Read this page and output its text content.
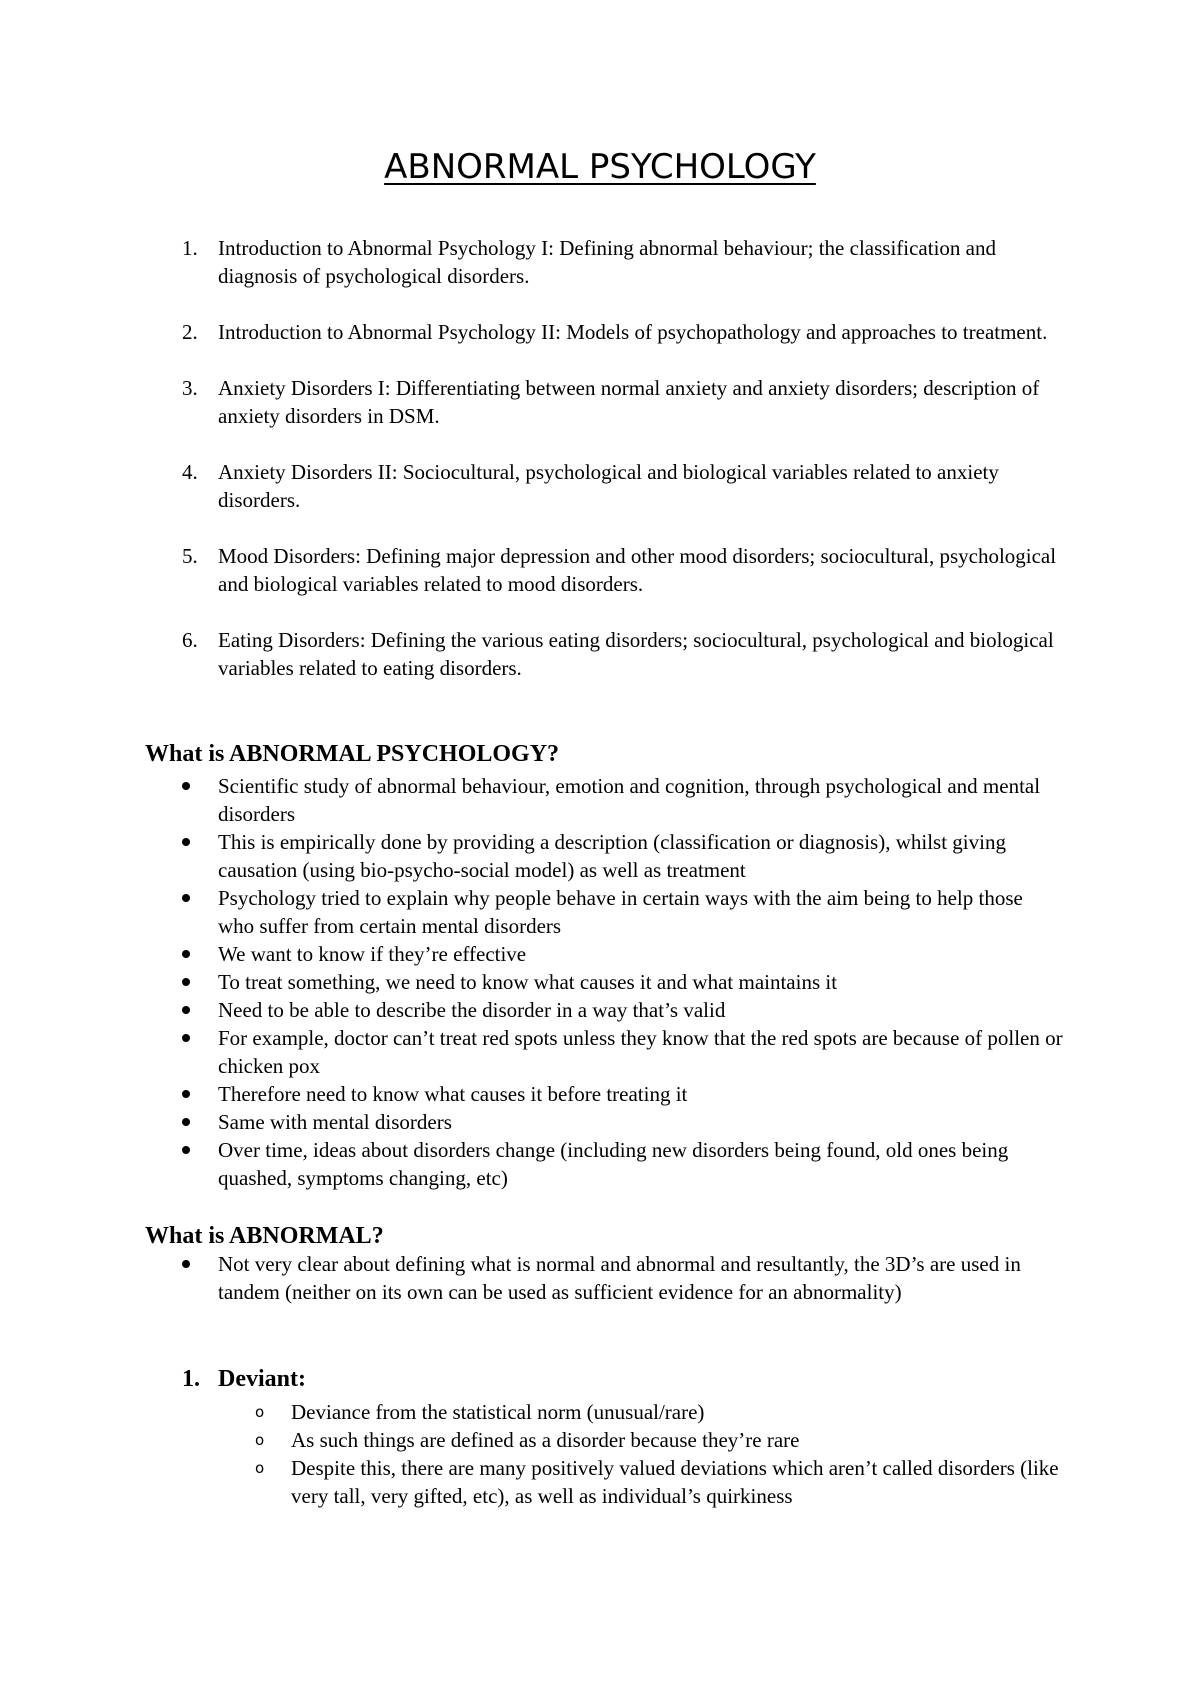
ABNORMAL PSYCHOLOGY
1. Introduction to Abnormal Psychology I: Defining abnormal behaviour; the classification and diagnosis of psychological disorders.
2. Introduction to Abnormal Psychology II: Models of psychopathology and approaches to treatment.
3. Anxiety Disorders I: Differentiating between normal anxiety and anxiety disorders; description of anxiety disorders in DSM.
4. Anxiety Disorders II: Sociocultural, psychological and biological variables related to anxiety disorders.
5. Mood Disorders: Defining major depression and other mood disorders; sociocultural, psychological and biological variables related to mood disorders.
6. Eating Disorders: Defining the various eating disorders; sociocultural, psychological and biological variables related to eating disorders.
What is ABNORMAL PSYCHOLOGY?
Scientific study of abnormal behaviour, emotion and cognition, through psychological and mental disorders
This is empirically done by providing a description (classification or diagnosis), whilst giving causation (using bio-psycho-social model) as well as treatment
Psychology tried to explain why people behave in certain ways with the aim being to help those who suffer from certain mental disorders
We want to know if they’re effective
To treat something, we need to know what causes it and what maintains it
Need to be able to describe the disorder in a way that’s valid
For example, doctor can’t treat red spots unless they know that the red spots are because of pollen or chicken pox
Therefore need to know what causes it before treating it
Same with mental disorders
Over time, ideas about disorders change (including new disorders being found, old ones being quashed, symptoms changing, etc)
What is ABNORMAL?
Not very clear about defining what is normal and abnormal and resultantly, the 3D’s are used in tandem (neither on its own can be used as sufficient evidence for an abnormality)
1. Deviant:
o Deviance from the statistical norm (unusual/rare)
o As such things are defined as a disorder because they’re rare
o Despite this, there are many positively valued deviations which aren’t called disorders (like very tall, very gifted, etc), as well as individual’s quirkiness
